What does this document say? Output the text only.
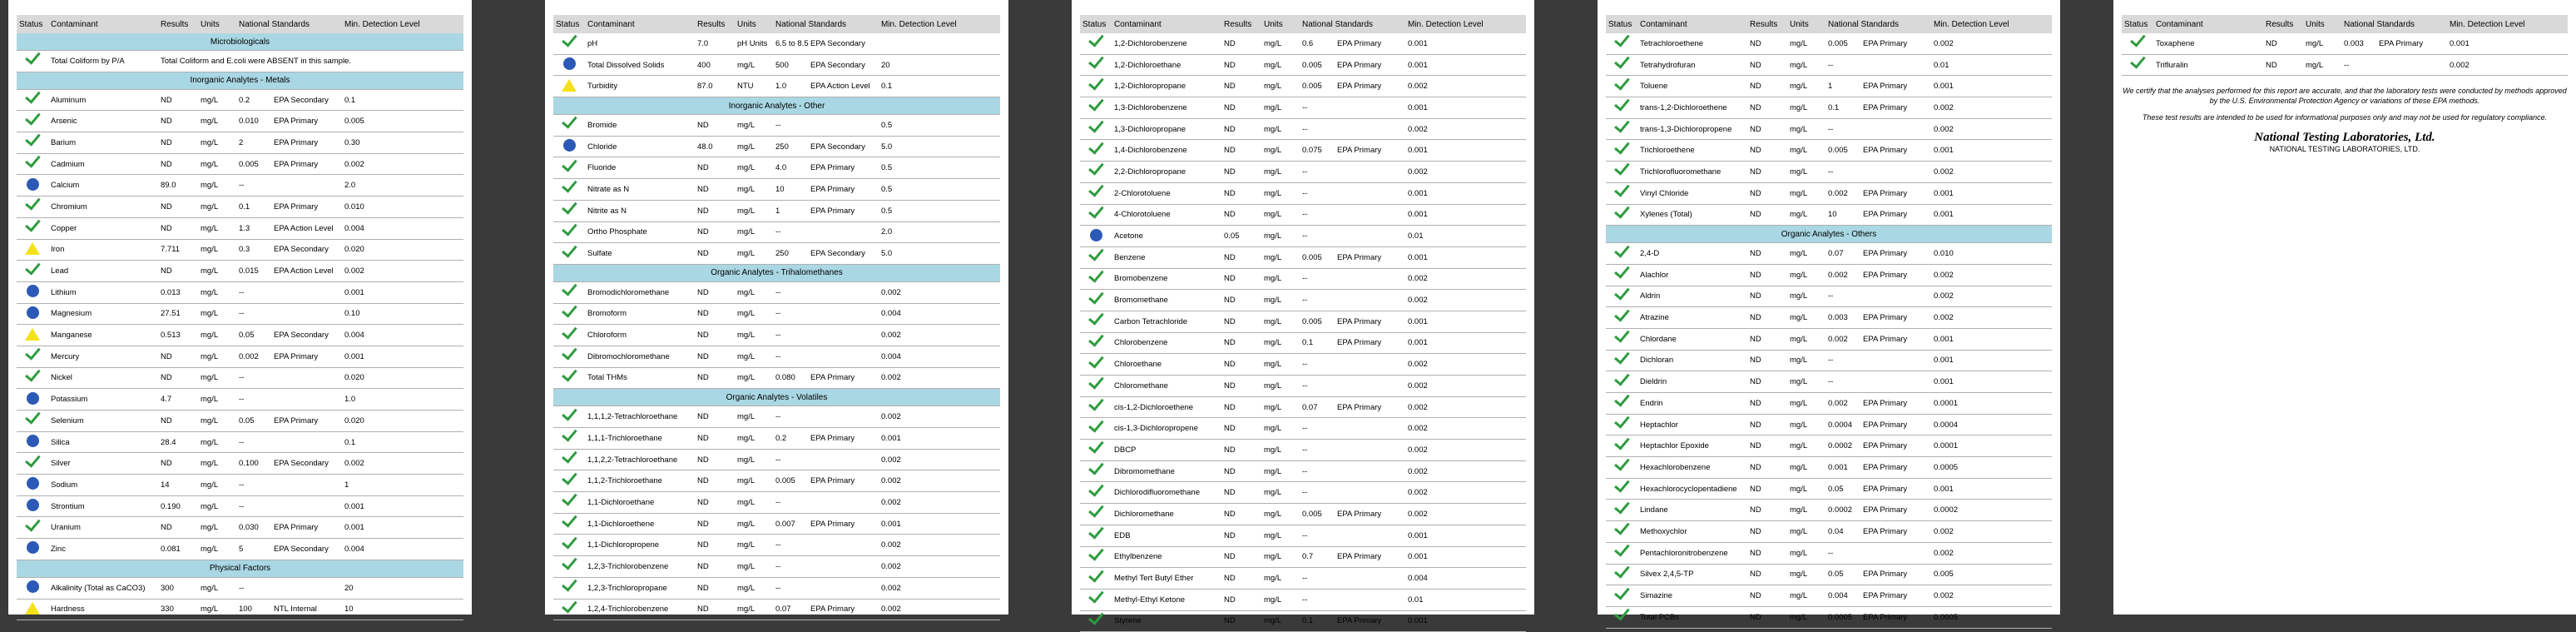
Status	Contaminant	Results	Units	National Standards		Min. Detection Level
Microbiologicals						
	Total Coliform by P/A	Total Coliform and E.coli were ABSENT in this sample.				
Inorganic Analytes - Metals						
	Aluminum	ND	mg/L	0.2	EPA Secondary	0.1
	Arsenic	ND	mg/L	0.010	EPA Primary	0.005
	Barium	ND	mg/L	2	EPA Primary	0.30
	Cadmium	ND	mg/L	0.005	EPA Primary	0.002
	Calcium	89.0	mg/L	--		2.0
	Chromium	ND	mg/L	0.1	EPA Primary	0.010
	Copper	ND	mg/L	1.3	EPA Action Level	0.004
	Iron	7.711	mg/L	0.3	EPA Secondary	0.020
	Lead	ND	mg/L	0.015	EPA Action Level	0.002
	Lithium	0.013	mg/L	--		0.001
	Magnesium	27.51	mg/L	--		0.10
	Manganese	0.513	mg/L	0.05	EPA Secondary	0.004
	Mercury	ND	mg/L	0.002	EPA Primary	0.001
	Nickel	ND	mg/L	--		0.020
	Potassium	4.7	mg/L	--		1.0
	Selenium	ND	mg/L	0.05	EPA Primary	0.020
	Silica	28.4	mg/L	--		0.1
	Silver	ND	mg/L	0.100	EPA Secondary	0.002
	Sodium	14	mg/L	--		1
	Strontium	0.190	mg/L	--		0.001
	Uranium	ND	mg/L	0.030	EPA Primary	0.001
	Zinc	0.081	mg/L	5	EPA Secondary	0.004
Physical Factors						
	Alkalinity (Total as CaCO3)	300	mg/L	--		20
	Hardness	330	mg/L	100	NTL Internal	10
Status	Contaminant	Results	Units	National Standards		Min. Detection Level
	pH	7.0	pH Units	6.5 to 8.5	EPA Secondary	
	Total Dissolved Solids	400	mg/L	500	EPA Secondary	20
	Turbidity	87.0	NTU	1.0	EPA Action Level	0.1
Inorganic Analytes - Other						
	Bromide	ND	mg/L	--		0.5
	Chloride	48.0	mg/L	250	EPA Secondary	5.0
	Fluoride	ND	mg/L	4.0	EPA Primary	0.5
	Nitrate as N	ND	mg/L	10	EPA Primary	0.5
	Nitrite as N	ND	mg/L	1	EPA Primary	0.5
	Ortho Phosphate	ND	mg/L	--		2.0
	Sulfate	ND	mg/L	250	EPA Secondary	5.0
Organic Analytes - Trihalomethanes						
	Bromodichloromethane	ND	mg/L	--		0.002
	Bromoform	ND	mg/L	--		0.004
	Chloroform	ND	mg/L	--		0.002
	Dibromochloromethane	ND	mg/L	--		0.004
	Total THMs	ND	mg/L	0.080	EPA Primary	0.002
Organic Analytes - Volatiles						
	1,1,1,2-Tetrachloroethane	ND	mg/L	--		0.002
	1,1,1-Trichloroethane	ND	mg/L	0.2	EPA Primary	0.001
	1,1,2,2-Tetrachloroethane	ND	mg/L	--		0.002
	1,1,2-Trichloroethane	ND	mg/L	0.005	EPA Primary	0.002
	1,1-Dichloroethane	ND	mg/L	--		0.002
	1,1-Dichloroethene	ND	mg/L	0.007	EPA Primary	0.001
	1,1-Dichloropropene	ND	mg/L	--		0.002
	1,2,3-Trichlorobenzene	ND	mg/L	--		0.002
	1,2,3-Trichloropropane	ND	mg/L	--		0.002
	1,2,4-Trichlorobenzene	ND	mg/L	0.07	EPA Primary	0.002
Status	Contaminant	Results	Units	National Standards		Min. Detection Level
	1,2-Dichlorobenzene	ND	mg/L	0.6	EPA Primary	0.001
	1,2-Dichloroethane	ND	mg/L	0.005	EPA Primary	0.001
	1,2-Dichloropropane	ND	mg/L	0.005	EPA Primary	0.002
	1,3-Dichlorobenzene	ND	mg/L	--		0.001
	1,3-Dichloropropane	ND	mg/L	--		0.002
	1,4-Dichlorobenzene	ND	mg/L	0.075	EPA Primary	0.001
	2,2-Dichloropropane	ND	mg/L	--		0.002
	2-Chlorotoluene	ND	mg/L	--		0.001
	4-Chlorotoluene	ND	mg/L	--		0.001
	Acetone	0.05	mg/L	--		0.01
	Benzene	ND	mg/L	0.005	EPA Primary	0.001
	Bromobenzene	ND	mg/L	--		0.002
	Bromomethane	ND	mg/L	--		0.002
	Carbon Tetrachloride	ND	mg/L	0.005	EPA Primary	0.001
	Chlorobenzene	ND	mg/L	0.1	EPA Primary	0.001
	Chloroethane	ND	mg/L	--		0.002
	Chloromethane	ND	mg/L	--		0.002
	cis-1,2-Dichloroethene	ND	mg/L	0.07	EPA Primary	0.002
	cis-1,3-Dichloropropene	ND	mg/L	--		0.002
	DBCP	ND	mg/L	--		0.002
	Dibromomethane	ND	mg/L	--		0.002
	Dichlorodifluoromethane	ND	mg/L	--		0.002
	Dichloromethane	ND	mg/L	0.005	EPA Primary	0.002
	EDB	ND	mg/L	--		0.001
	Ethylbenzene	ND	mg/L	0.7	EPA Primary	0.001
	Methyl Tert Butyl Ether	ND	mg/L	--		0.004
	Methyl-Ethyl Ketone	ND	mg/L	--		0.01
	Styrene	ND	mg/L	0.1	EPA Primary	0.001
Status	Contaminant	Results	Units	National Standards		Min. Detection Level
	Tetrachloroethene	ND	mg/L	0.005	EPA Primary	0.002
	Tetrahydrofuran	ND	mg/L	--		0.01
	Toluene	ND	mg/L	1	EPA Primary	0.001
	trans-1,2-Dichloroethene	ND	mg/L	0.1	EPA Primary	0.002
	trans-1,3-Dichloropropene	ND	mg/L	--		0.002
	Trichloroethene	ND	mg/L	0.005	EPA Primary	0.001
	Trichlorofluoromethane	ND	mg/L	--		0.002
	Vinyl Chloride	ND	mg/L	0.002	EPA Primary	0.001
	Xylenes (Total)	ND	mg/L	10	EPA Primary	0.001
Organic Analytes - Others						
	2,4-D	ND	mg/L	0.07	EPA Primary	0.010
	Alachlor	ND	mg/L	0.002	EPA Primary	0.002
	Aldrin	ND	mg/L	--		0.002
	Atrazine	ND	mg/L	0.003	EPA Primary	0.002
	Chlordane	ND	mg/L	0.002	EPA Primary	0.001
	Dichloran	ND	mg/L	--		0.001
	Dieldrin	ND	mg/L	--		0.001
	Endrin	ND	mg/L	0.002	EPA Primary	0.0001
	Heptachlor	ND	mg/L	0.0004	EPA Primary	0.0004
	Heptachlor Epoxide	ND	mg/L	0.0002	EPA Primary	0.0001
	Hexachlorobenzene	ND	mg/L	0.001	EPA Primary	0.0005
	Hexachlorocyclopentadiene	ND	mg/L	0.05	EPA Primary	0.001
	Lindane	ND	mg/L	0.0002	EPA Primary	0.0002
	Methoxychlor	ND	mg/L	0.04	EPA Primary	0.002
	Pentachloronitrobenzene	ND	mg/L	--		0.002
	Silvex 2,4,5-TP	ND	mg/L	0.05	EPA Primary	0.005
	Simazine	ND	mg/L	0.004	EPA Primary	0.002
	Total PCBs	ND	mg/L	0.0005	EPA Primary	0.0005
Status	Contaminant	Results	Units	National Standards		Min. Detection Level
	Toxaphene	ND	mg/L	0.003	EPA Primary	0.001
	Trifluralin	ND	mg/L	--		0.002

We certify that the analyses performed for this report are accurate, and that the laboratory tests were conducted by methods approved by the U.S. Environmental Protection Agency or variations of these EPA methods.

These test results are intended to be used for informational purposes only and may not be used for regulatory compliance.

National Testing Laboratories, Ltd.
NATIONAL TESTING LABORATORIES, LTD.
